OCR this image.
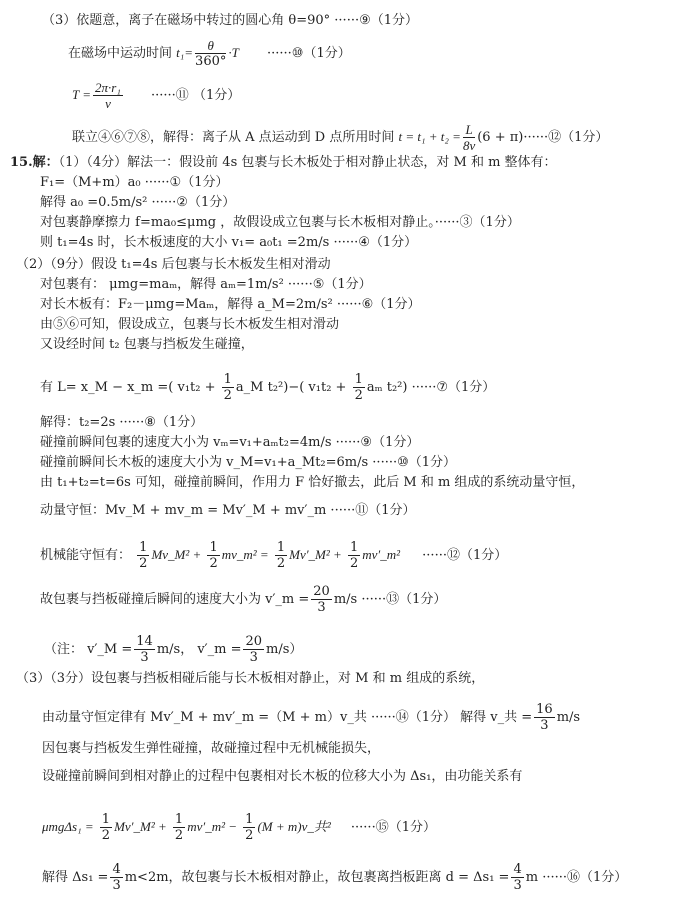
（3）依题意，离子在磁场中转过的圆心角 θ=90° ······⑨（1分）
在磁场中运动时间 $t_1= \frac{\theta}{360^\circ} \cdot T$ ······⑩（1分）
$T = \frac{\text{2π·r₁}}{v}$ ······⑪ （1分）
联立④⑥⑦⑧，解得：离子从 A 点运动到 D 点所用时间 $t = t_1 + t_2 = \frac{L}{8v} (6$ + π)······⑫（1分）
15.解：（1）（4分）解法一：假设前 4s 包裹与长木板处于相对静止状态，对 M 和 m 整体有：
F₁=（M+m）a₀ ······①（1分）
解得 a₀ =0.5m/s² ······②（1分）
对包裹静摩擦力 f=ma₀≤μmg ，故假设成立包裹与长木板相对静止。······③（1分）
则 t₁=4s 时，长木板速度的大小 v₁= a₀t₁ =2m/s ······④（1分）
（2）（9分）假设 t₁=4s 后包裹与长木板发生相对滑动
对包裹有： μmg=maₘ，解得 aₘ=1m/s² ······⑤（1分）
对长木板有：F₂－μmg=Maₘ，解得 a_M=2m/s² ······⑥（1分）
由⑤⑥可知，假设成立，包裹与长木板发生相对滑动
又设经时间 t₂ 包裹与挡板发生碰撞，
有 L= x_M − x_m =( $v_1t_2 + \frac{1}{2}$ a_M t₂²)−( $v_1t_2 + \frac{1}{2}$ aₘ t₂²) ······⑦（1分）
解得：t₂=2s ······⑧（1分）
碰撞前瞬间包裹的速度大小为 vₘ=v₁+aₘt₂=4m/s ······⑨（1分）
碰撞前瞬间长木板的速度大小为 v_M=v₁+a_Mt₂=6m/s ······⑩（1分）
由 t₁+t₂=t=6s 可知，碰撞前瞬间，作用力 F 恰好撤去，此后 M 和 m 组成的系统动量守恒，
动量守恒：Mv_M + mv_m = Mv′_M + mv′_m ······⑪（1分）
机械能守恒有： $\frac{1}{2}$ Mv_M² + $\frac{1}{2}$ mv_m² = $\frac{1}{2}$ Mv′_M² + $\frac{1}{2}$ mv′_m² ······⑫（1分）
故包裹与挡板碰撞后瞬间的速度大小为 v′_m = $\frac{20}{3} m/s$ ······⑬（1分）
（注： v′_M = $\frac{14}{3} m/s$， v′_m = $\frac{20}{3} m/s$）
（3）（3分）设包裹与挡板相碰后能与长木板相对静止，对 M 和 m 组成的系统，
由动量守恒定律有 Mv′_M + mv′_m =（M + m）v_共 ······⑭（1分） 解得 v_共 = $\frac{16}{3} m/s$
因包裹与挡板发生弹性碰撞，故碰撞过程中无机械能损失，
设碰撞前瞬间到相对静止的过程中包裹相对长木板的位移大小为 Δs₁，由功能关系有
$\mu mg\Delta s_1 = \frac{1}{2}$ Mv′_M² + $\frac{1}{2}$ mv′_m² − $\frac{1}{2} (M$ + m)v_共² ······⑮（1分）
解得 $\Delta s_1 = \frac{4}{3} m<2m$，故包裹与长木板相对静止，故包裹离挡板距离 $d = \Delta s_1 = \frac{4}{3}$ m ······⑯（1分）
